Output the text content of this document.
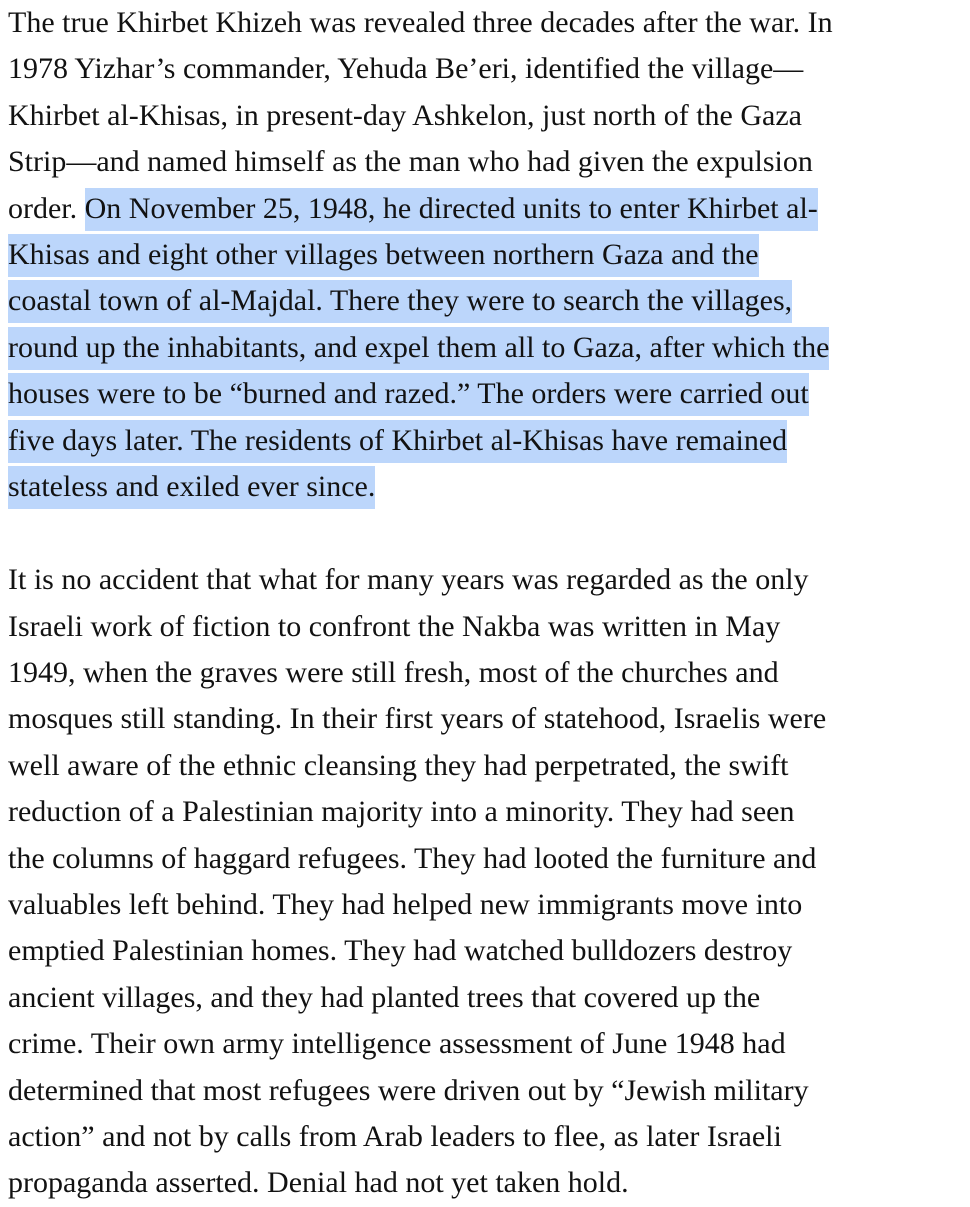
The true Khirbet Khizeh was revealed three decades after the war. In
1978 Yizhar’s commander, Yehuda Be’eri, identified the village—
Khirbet al-Khisas, in present-day Ashkelon, just north of the Gaza
Strip—and named himself as the man who had given the expulsion
order. On November 25, 1948, he directed units to enter Khirbet al-
Khisas and eight other villages between northern Gaza and the
coastal town of al-Majdal. There they were to search the villages,
round up the inhabitants, and expel them all to Gaza, after which the
houses were to be “burned and razed.” The orders were carried out
five days later. The residents of Khirbet al-Khisas have remained
stateless and exiled ever since.
It is no accident that what for many years was regarded as the only
Israeli work of fiction to confront the Nakba was written in May
1949, when the graves were still fresh, most of the churches and
mosques still standing. In their first years of statehood, Israelis were
well aware of the ethnic cleansing they had perpetrated, the swift
reduction of a Palestinian majority into a minority. They had seen
the columns of haggard refugees. They had looted the furniture and
valuables left behind. They had helped new immigrants move into
emptied Palestinian homes. They had watched bulldozers destroy
ancient villages, and they had planted trees that covered up the
crime. Their own army intelligence assessment of June 1948 had
determined that most refugees were driven out by “Jewish military
action” and not by calls from Arab leaders to flee, as later Israeli
propaganda asserted. Denial had not yet taken hold.
